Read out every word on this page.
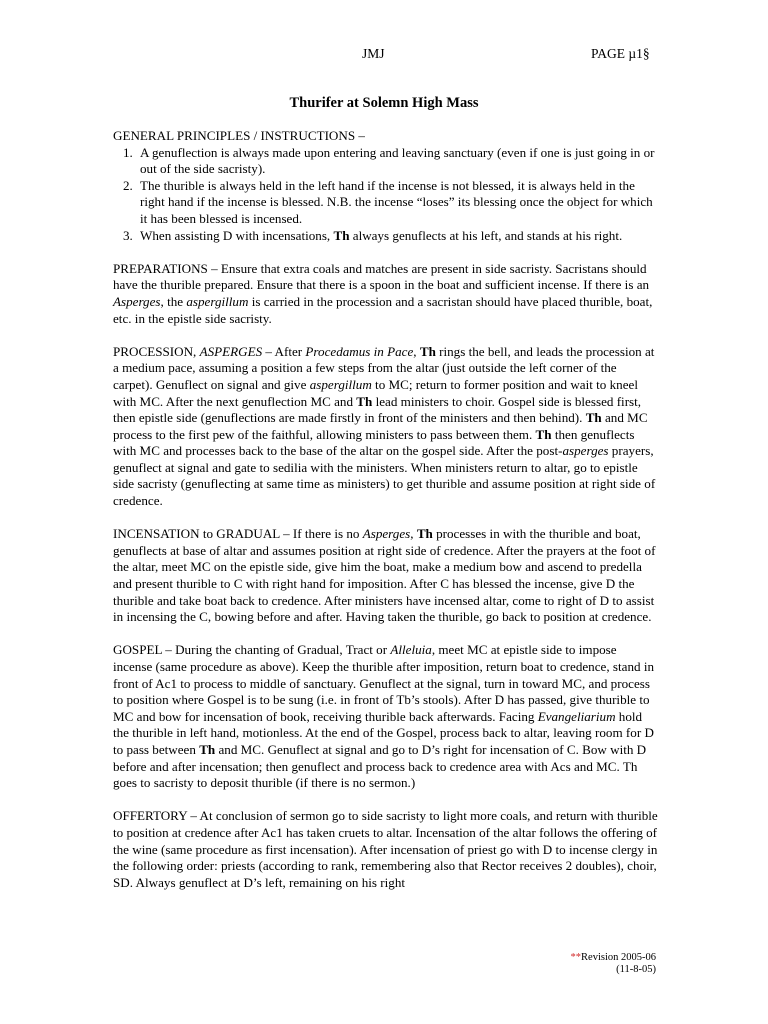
JMJ	PAGE µ1§
Thurifer at Solemn High Mass
GENERAL PRINCIPLES / INSTRUCTIONS –
1. A genuflection is always made upon entering and leaving sanctuary (even if one is just going in or out of the side sacristy).
2. The thurible is always held in the left hand if the incense is not blessed, it is always held in the right hand if the incense is blessed. N.B. the incense “loses” its blessing once the object for which it has been blessed is incensed.
3. When assisting D with incensations, Th always genuflects at his left, and stands at his right.
PREPARATIONS – Ensure that extra coals and matches are present in side sacristy. Sacristans should have the thurible prepared. Ensure that there is a spoon in the boat and sufficient incense. If there is an Asperges, the aspergillum is carried in the procession and a sacristan should have placed thurible, boat, etc. in the epistle side sacristy.
PROCESSION, ASPERGES – After Procedamus in Pace, Th rings the bell, and leads the procession at a medium pace, assuming a position a few steps from the altar (just outside the left corner of the carpet). Genuflect on signal and give aspergillum to MC; return to former position and wait to kneel with MC. After the next genuflection MC and Th lead ministers to choir. Gospel side is blessed first, then epistle side (genuflections are made firstly in front of the ministers and then behind). Th and MC process to the first pew of the faithful, allowing ministers to pass between them. Th then genuflects with MC and processes back to the base of the altar on the gospel side. After the post-asperges prayers, genuflect at signal and gate to sedilia with the ministers. When ministers return to altar, go to epistle side sacristy (genuflecting at same time as ministers) to get thurible and assume position at right side of credence.
INCENSATION to GRADUAL – If there is no Asperges, Th processes in with the thurible and boat, genuflects at base of altar and assumes position at right side of credence. After the prayers at the foot of the altar, meet MC on the epistle side, give him the boat, make a medium bow and ascend to predella and present thurible to C with right hand for imposition. After C has blessed the incense, give D the thurible and take boat back to credence. After ministers have incensed altar, come to right of D to assist in incensing the C, bowing before and after. Having taken the thurible, go back to position at credence.
GOSPEL – During the chanting of Gradual, Tract or Alleluia, meet MC at epistle side to impose incense (same procedure as above). Keep the thurible after imposition, return boat to credence, stand in front of Ac1 to process to middle of sanctuary. Genuflect at the signal, turn in toward MC, and process to position where Gospel is to be sung (i.e. in front of Tb’s stools). After D has passed, give thurible to MC and bow for incensation of book, receiving thurible back afterwards. Facing Evangeliarium hold the thurible in left hand, motionless. At the end of the Gospel, process back to altar, leaving room for D to pass between Th and MC. Genuflect at signal and go to D’s right for incensation of C. Bow with D before and after incensation; then genuflect and process back to credence area with Acs and MC. Th goes to sacristy to deposit thurible (if there is no sermon.)
OFFERTORY – At conclusion of sermon go to side sacristy to light more coals, and return with thurible to position at credence after Ac1 has taken cruets to altar. Incensation of the altar follows the offering of the wine (same procedure as first incensation). After incensation of priest go with D to incense clergy in the following order: priests (according to rank, remembering also that Rector receives 2 doubles), choir, SD. Always genuflect at D’s left, remaining on his right
**Revision 2005-06
(11-8-05)
